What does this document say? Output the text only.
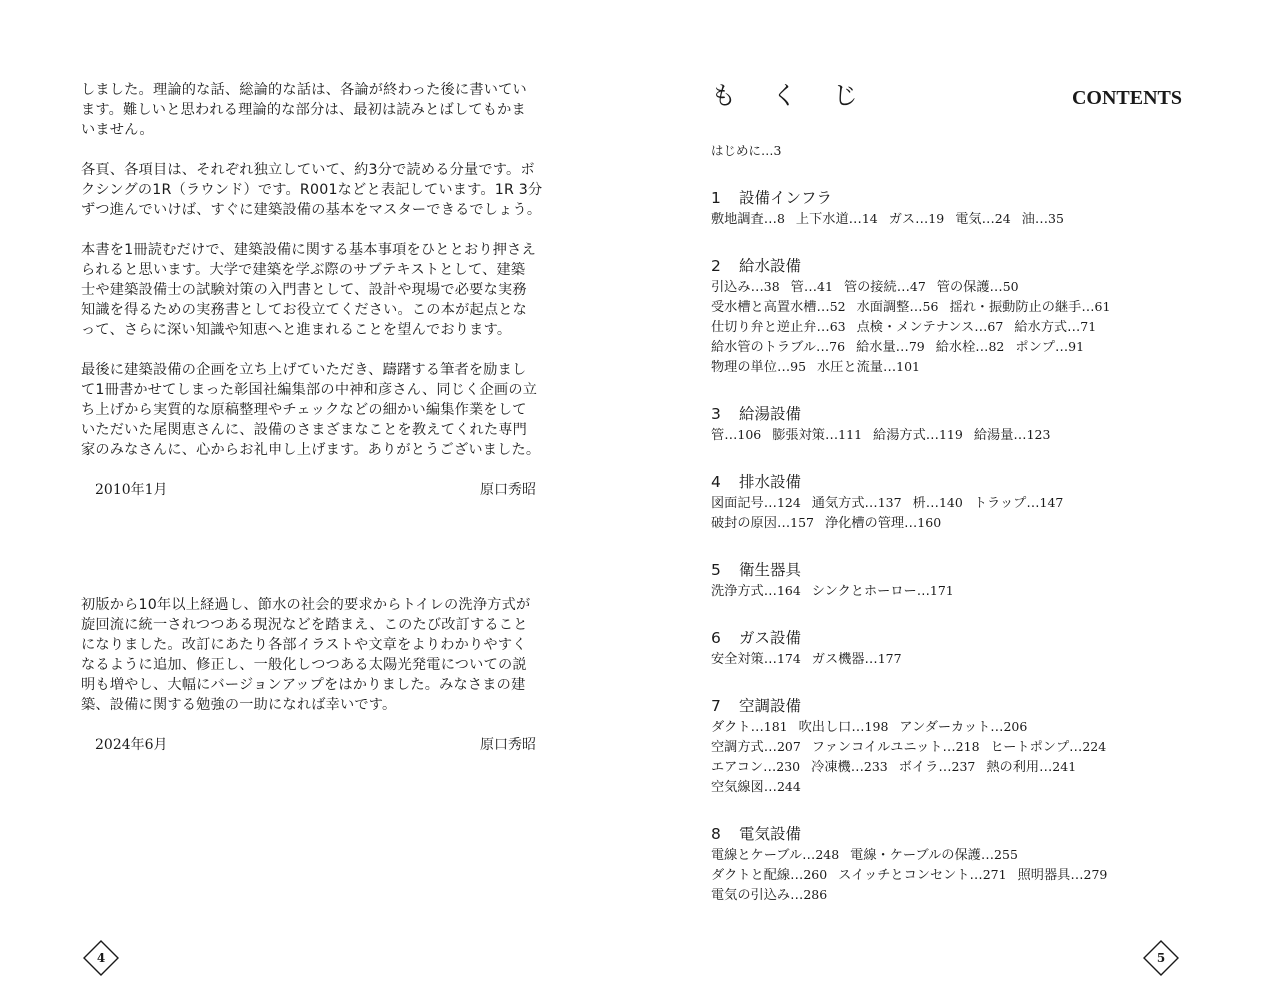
しました。理論的な話、総論的な話は、各論が終わった後に書いてい
ます。難しいと思われる理論的な部分は、最初は読みとばしてもかま
いません。

各頁、各項目は、それぞれ独立していて、約3分で読める分量です。ボ
クシングの1R（ラウンド）です。R001などと表記しています。1R 3分
ずつ進んでいけば、すぐに建築設備の基本をマスターできるでしょう。

本書を1冊読むだけで、建築設備に関する基本事項をひととおり押さえ
られると思います。大学で建築を学ぶ際のサブテキストとして、建築
士や建築設備士の試験対策の入門書として、設計や現場で必要な実務
知識を得るための実務書としてお役立てください。この本が起点とな
って、さらに深い知識や知恵へと進まれることを望んでおります。

最後に建築設備の企画を立ち上げていただき、躊躇する筆者を励まし
て1冊書かせてしまった彰国社編集部の中神和彦さん、同じく企画の立
ち上げから実質的な原稿整理やチェックなどの細かい編集作業をして
いただいた尾関恵さんに、設備のさまざまなことを教えてくれた専門
家のみなさんに、心からお礼申し上げます。ありがとうございました。

2010年1月	原口秀昭

初版から10年以上経過し、節水の社会的要求からトイレの洗浄方式が
旋回流に統一されつつある現況などを踏まえ、このたび改訂すること
になりました。改訂にあたり各部イラストや文章をよりわかりやすく
なるように追加、修正し、一般化しつつある太陽光発電についての説
明も増やし、大幅にバージョンアップをはかりました。みなさまの建
築、設備に関する勉強の一助になれば幸いです。

2024年6月	原口秀昭
4
も く じ	CONTENTS
はじめに…3
1 設備インフラ
敷地調査…8 上下水道…14 ガス…19 電気…24 油…35
2 給水設備
引込み…38 管…41 管の接続…47 管の保護…50
受水槽と高置水槽…52 水面調整…56 揺れ・振動防止の継手…61
仕切り弁と逆止弁…63 点検・メンテナンス…67 給水方式…71
給水管のトラブル…76 給水量…79 給水栓…82 ポンプ…91
物理の単位…95 水圧と流量…101
3 給湯設備
管…106 膨張対策…111 給湯方式…119 給湯量…123
4 排水設備
図面記号…124 通気方式…137 枡…140 トラップ…147
破封の原因…157 浄化槽の管理…160
5 衛生器具
洗浄方式…164 シンクとホーロー…171
6 ガス設備
安全対策…174 ガス機器…177
7 空調設備
ダクト…181 吹出し口…198 アンダーカット…206
空調方式…207 ファンコイルユニット…218 ヒートポンプ…224
エアコン…230 冷凍機…233 ボイラ…237 熱の利用…241
空気線図…244
8 電気設備
電線とケーブル…248 電線・ケーブルの保護…255
ダクトと配線…260 スイッチとコンセント…271 照明器具…279
電気の引込み…286
5
